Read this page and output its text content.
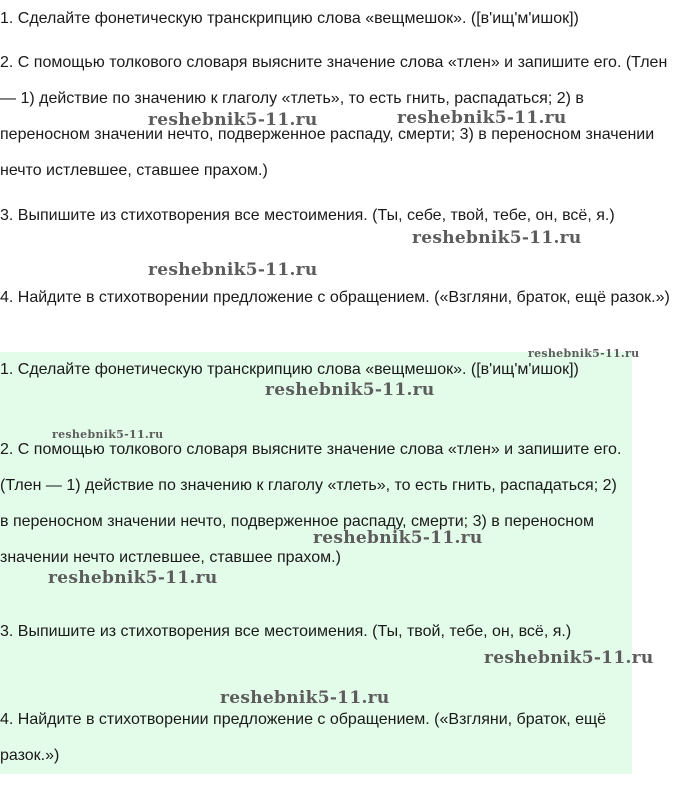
1. Сделайте фонетическую транскрипцию слова «вещмешок». ([в'ищ'м'ишок])

2. С помощью толкового словаря выясните значение слова «тлен» и запишите его. (Тлен — 1) действие по значению к глаголу «тлеть», то есть гнить, распадаться; 2) в переносном значении нечто, подверженное распаду, смерти; 3) в переносном значении нечто истлевшее, ставшее прахом.)

3. Выпишите из стихотворения все местоимения. (Ты, себе, твой, тебе, он, всё, я.)

4. Найдите в стихотворении предложение с обращением. («Взгляни, браток, ещё разок.»)

1. Сделайте фонетическую транскрипцию слова «вещмешок». ([в'ищ'м'ишок])

2. С помощью толкового словаря выясните значение слова «тлен» и запишите его. (Тлен — 1) действие по значению к глаголу «тлеть», то есть гнить, распадаться; 2) в переносном значении нечто, подверженное распаду, смерти; 3) в переносном значении нечто истлевшее, ставшее прахом.)

3. Выпишите из стихотворения все местоимения. (Ты, твой, тебе, он, всё, я.)

4. Найдите в стихотворении предложение с обращением. («Взгляни, браток, ещё разок.»)

reshebnik5-11.ru	reshebnik5-11.ru
reshebnik5-11.ru
reshebnik5-11.ru
reshebnik5-11.ru
reshebnik5-11.ru
reshebnik5-11.ru
reshebnik5-11.ru
reshebnik5-11.ru
reshebnik5-11.ru
reshebnik5-11.ru
